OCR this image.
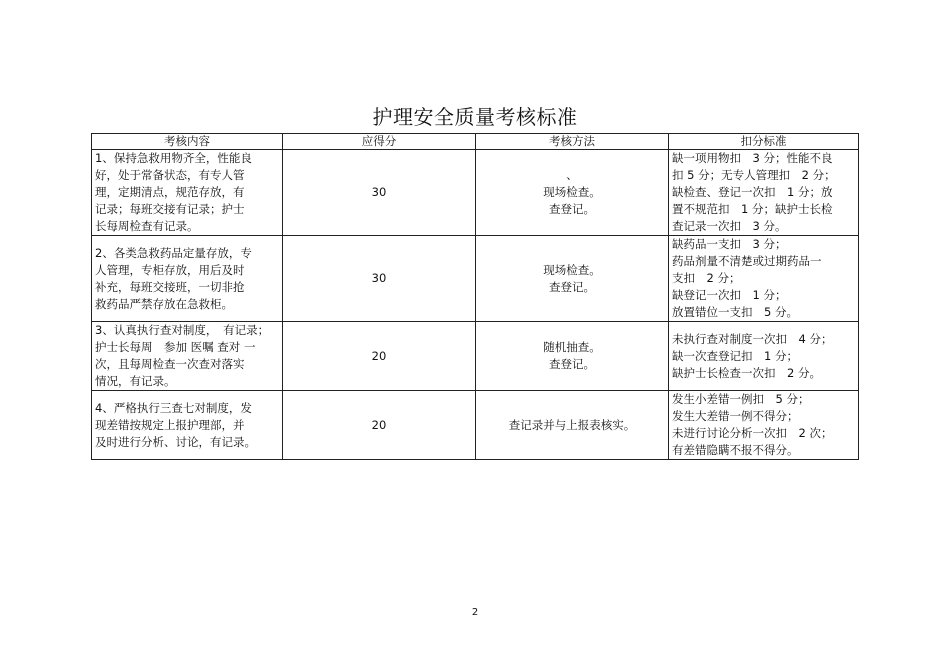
护理安全质量考核标准
考核内容	应得分	考核方法	扣分标准
1、保持急救用物齐全，性能良
好，处于常备状态，有专人管
理，定期清点，规范存放，有
记录；每班交接有记录；护士
长每周检查有记录。	30	、
现场检查。
查登记。	缺一项用物扣　3 分；性能不良
扣 5 分；无专人管理扣　2 分；
缺检查、登记一次扣　1 分；放
置不规范扣　1 分；缺护士长检
查记录一次扣　3 分。

2、各类急救药品定量存放，专
人管理，专柜存放，用后及时
补充，每班交接班，一切非抢
救药品严禁存放在急救柜。	30	现场检查。
查登记。	缺药品一支扣　3 分；
药品剂量不清楚或过期药品一
支扣　2 分；
缺登记一次扣　1 分；
放置错位一支扣　5 分。

3、认真执行查对制度，　有记录；
护士长每周　参加 医嘱 查对 一
次，且每周检查一次查对落实
情况，有记录。	20	随机抽查。
查登记。	未执行查对制度一次扣　4 分；
缺一次查登记扣　1 分；
缺护士长检查一次扣　2 分。

4、严格执行三查七对制度，发
现差错按规定上报护理部，并
及时进行分析、讨论，有记录。	20	查记录并与上报表核实。	发生小差错一例扣　5 分；
发生大差错一例不得分；
未进行讨论分析一次扣　2 次；
有差错隐瞒不报不得分。
2
